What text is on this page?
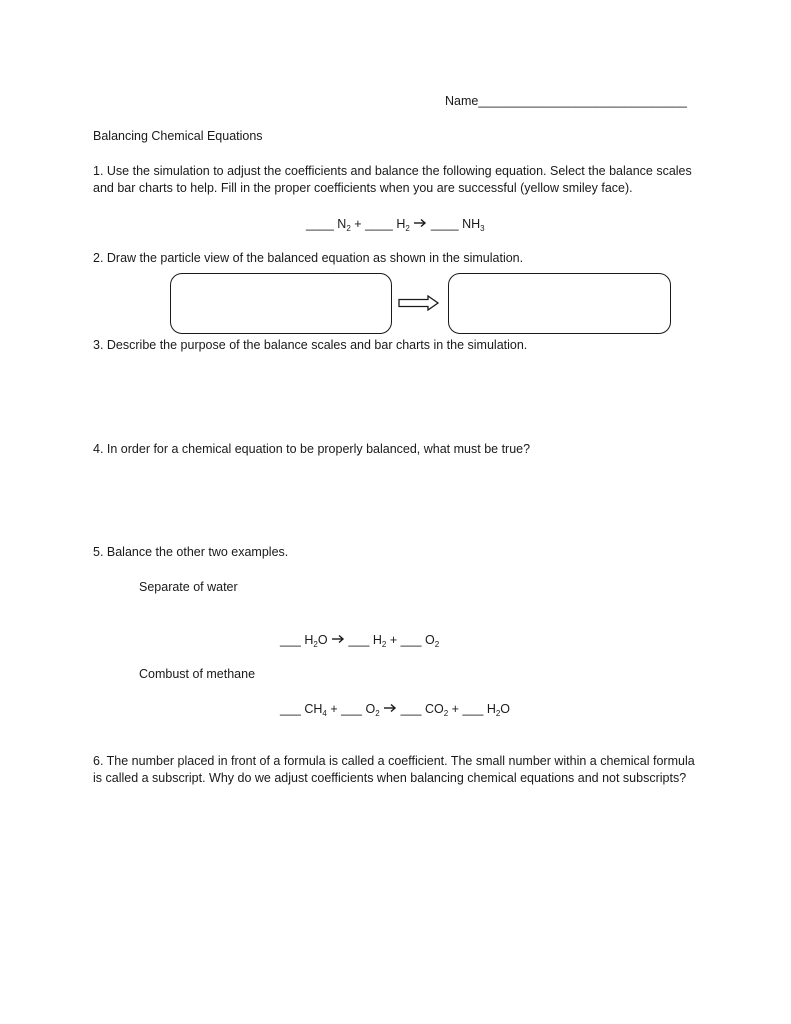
Name______________________________
Balancing Chemical Equations
1. Use the simulation to adjust the coefficients and balance the following equation. Select the balance scales and bar charts to help. Fill in the proper coefficients when you are successful (yellow smiley face).
____ $N_2$ + ____ $H_2$ → ____ $NH_3$
2. Draw the particle view of the balanced equation as shown in the simulation.
3. Describe the purpose of the balance scales and bar charts in the simulation.
4. In order for a chemical equation to be properly balanced, what must be true?
5. Balance the other two examples.
Separate of water
___ $H_2O$ → ___ $H_2$ + ___ $O_2$
Combust of methane
___ $CH_4$ + ___ $O_2$ → ___ $CO_2$ + ___ $H_2O$
6. The number placed in front of a formula is called a coefficient. The small number within a chemical formula is called a subscript. Why do we adjust coefficients when balancing chemical equations and not subscripts?
